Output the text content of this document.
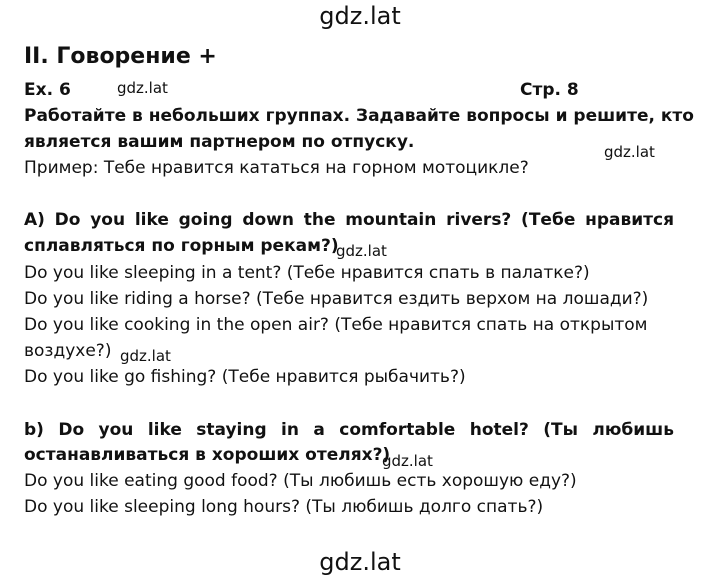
gdz.lat
II. Говорение +
Ex. 6	gdz.lat	Стр. 8
Работайте в небольших группах. Задавайте вопросы и решите, кто
является вашим партнером по отпуску.	gdz.lat
Пример: Тебе нравится кататься на горном мотоцикле?
A) Do you like going down the mountain rivers? (Тебе нравится
сплавляться по горным рекам?)
gdz.lat
Do you like sleeping in a tent? (Тебе нравится спать в палатке?)
Do you like riding a horse? (Тебе нравится ездить верхом на лошади?)
Do you like cooking in the open air? (Тебе нравится спать на открытом
воздухе?) gdz.lat
Do you like go fishing? (Тебе нравится рыбачить?)
b) Do you like staying in a comfortable hotel? (Ты любишь
останавливаться в хороших отелях?)
gdz.lat
Do you like eating good food? (Ты любишь есть хорошую еду?)
Do you like sleeping long hours? (Ты любишь долго спать?)
gdz.lat
